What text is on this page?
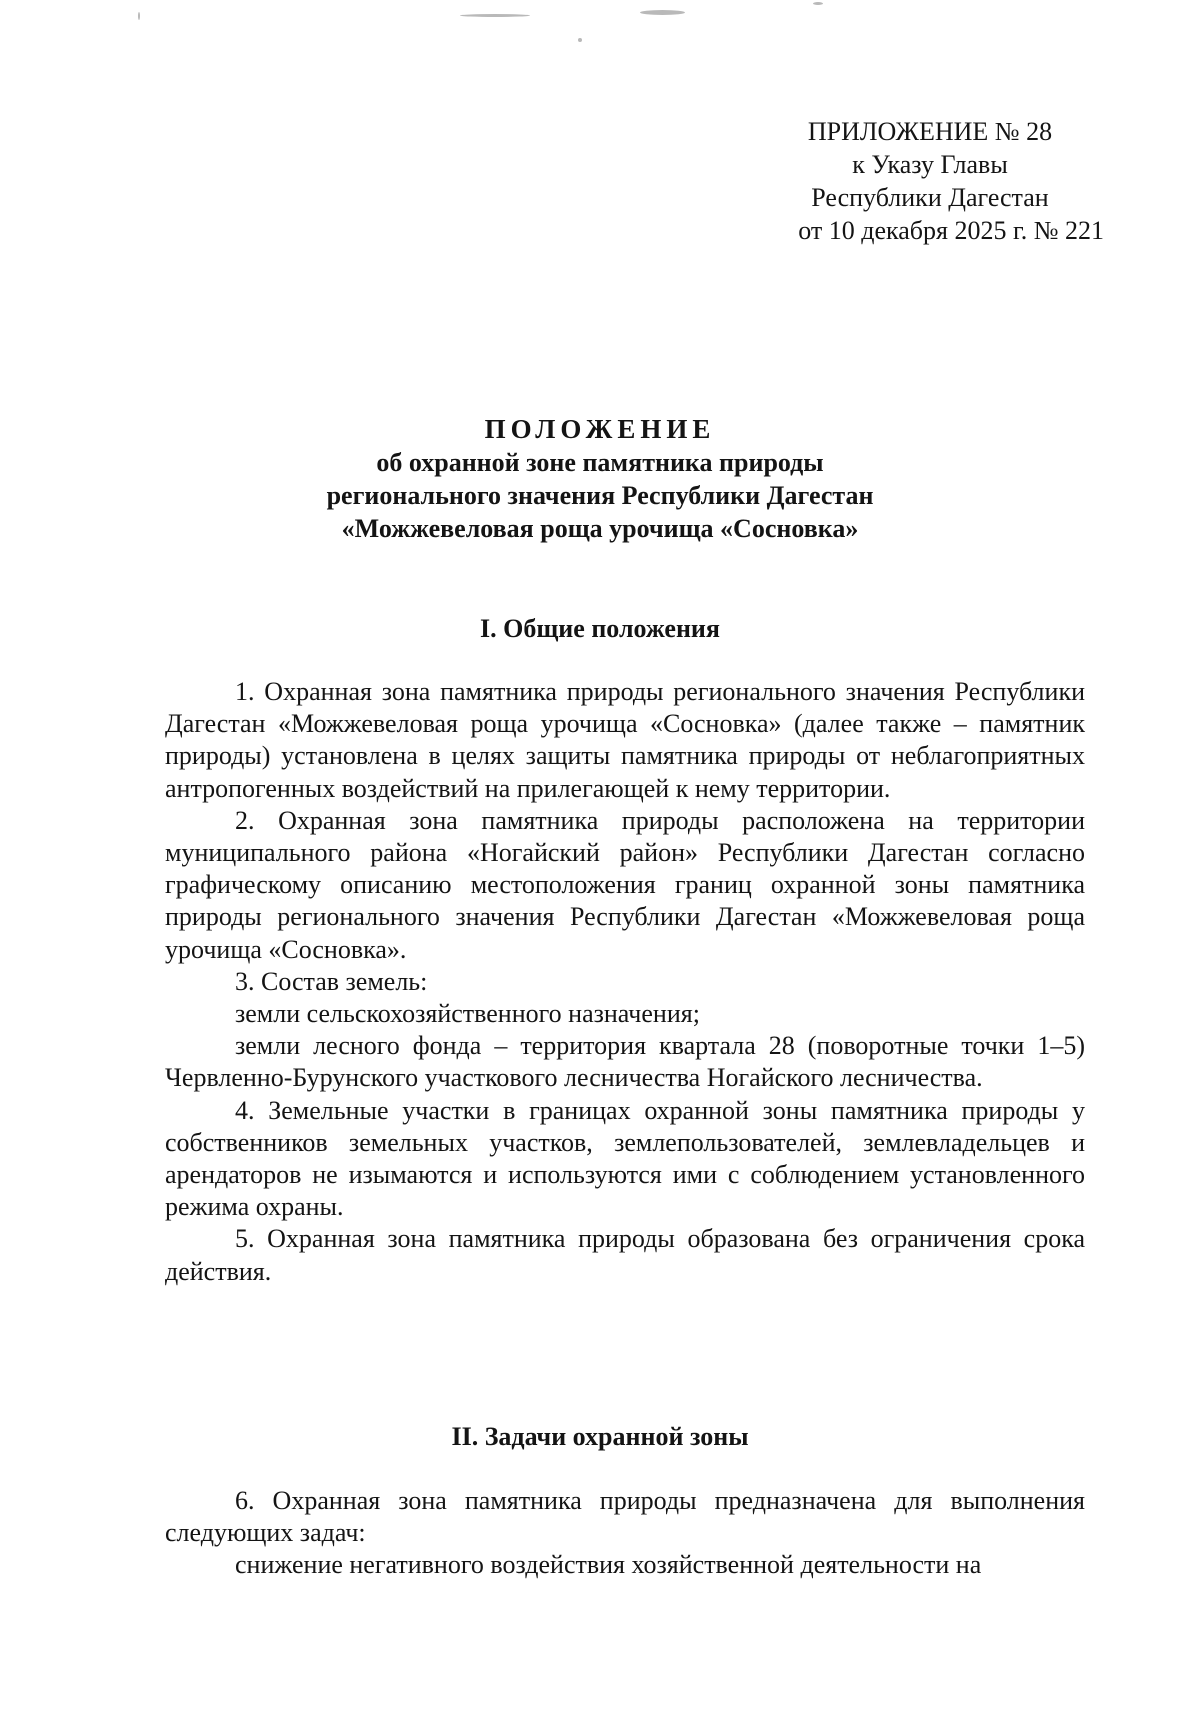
ПРИЛОЖЕНИЕ № 28
к Указу Главы
Республики Дагестан
от 10 декабря 2025 г. № 221
ПОЛОЖЕНИЕ
об охранной зоне памятника природы
регионального значения Республики Дагестан
«Можжевеловая роща урочища «Сосновка»
I. Общие положения

1. Охранная зона памятника природы регионального значения Республики Дагестан «Можжевеловая роща урочища «Сосновка» (далее также – памятник природы) установлена в целях защиты памятника природы от неблагоприятных антропогенных воздействий на прилегающей к нему территории.

2. Охранная зона памятника природы расположена на территории муниципального района «Ногайский район» Республики Дагестан согласно графическому описанию местоположения границ охранной зоны памятника природы регионального значения Республики Дагестан «Можжевеловая роща урочища «Сосновка».

3. Состав земель:

земли сельскохозяйственного назначения;

земли лесного фонда – территория квартала 28 (поворотные точки 1–5) Червленно-Бурунского участкового лесничества Ногайского лесничества.

4. Земельные участки в границах охранной зоны памятника природы у собственников земельных участков, землепользователей, землевладельцев и арендаторов не изымаются и используются ими с соблюдением установленного режима охраны.

5. Охранная зона памятника природы образована без ограничения срока действия.

II. Задачи охранной зоны

6. Охранная зона памятника природы предназначена для выполнения следующих задач:

снижение негативного воздействия хозяйственной деятельности на
